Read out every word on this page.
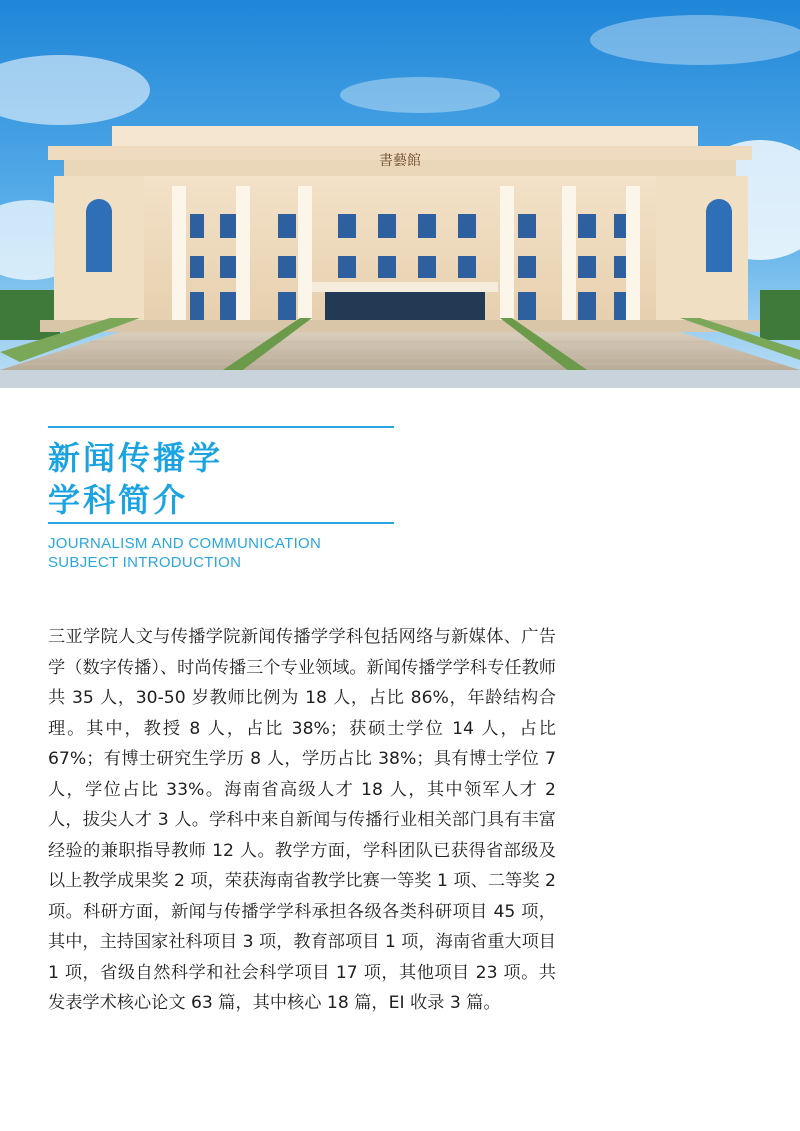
書藝館
新闻传播学
学科简介
JOURNALISM AND COMMUNICATION
SUBJECT INTRODUCTION
三亚学院人文与传播学院新闻传播学学科包括网络与新媒体、广告学（数字传播）、时尚传播三个专业领域。新闻传播学学科专任教师共 35 人，30-50 岁教师比例为 18 人，占比 86%，年龄结构合理。其中，教授 8 人，占比 38%；获硕士学位 14 人，占比 67%；有博士研究生学历 8 人，学历占比 38%；具有博士学位 7 人，学位占比 33%。海南省高级人才 18 人，其中领军人才 2 人，拔尖人才 3 人。学科中来自新闻与传播行业相关部门具有丰富经验的兼职指导教师 12 人。教学方面，学科团队已获得省部级及以上教学成果奖 2 项，荣获海南省教学比赛一等奖 1 项、二等奖 2 项。科研方面，新闻与传播学学科承担各级各类科研项目 45 项，其中，主持国家社科项目 3 项，教育部项目 1 项，海南省重大项目 1 项，省级自然科学和社会科学项目 17 项，其他项目 23 项。共发表学术核心论文 63 篇，其中核心 18 篇，EI 收录 3 篇。
